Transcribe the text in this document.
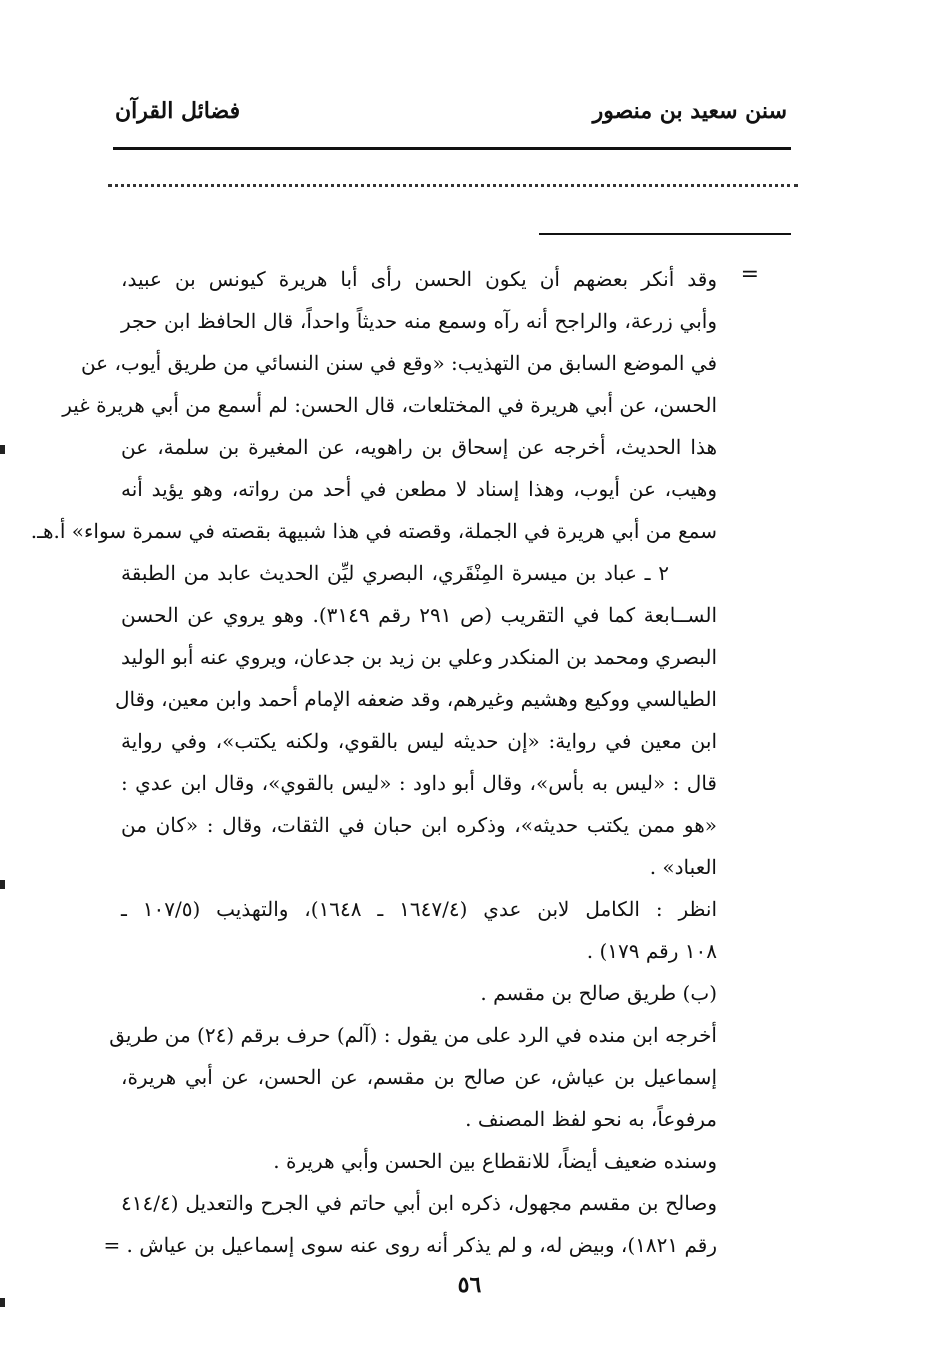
سنن سعيد بن منصور
فضائل القرآن
=
وقد أنكر بعضهم أن يكون الحسن رأى أبا هريرة كيونس بن عبيد،
وأبي زرعة، والراجح أنه رآه وسمع منه حديثاً واحداً، قال الحافظ ابن حجر
في الموضع السابق من التهذيب: «وقع في سنن النسائي من طريق أيوب، عن
الحسن، عن أبي هريرة في المختلعات، قال الحسن: لم أسمع من أبي هريرة غير
هذا الحديث، أخرجه عن إسحاق بن راهويه، عن المغيرة بن سلمة، عن
وهيب، عن أيوب، وهذا إسناد لا مطعن في أحد من رواته، وهو يؤيد أنه
سمع من أبي هريرة في الجملة، وقصته في هذا شبيهة بقصته في سمرة سواء» أ.هـ.
٢ ـ عباد بن ميسرة المِنْقَري، البصري ليِّن الحديث عابد من الطبقة
الســابعة كما في التقريب (ص ٢٩١ رقم ٣١٤٩). وهو يروي عن الحسن
البصري ومحمد بن المنكدر وعلي بن زيد بن جدعان، ويروي عنه أبو الوليد
الطيالسي ووكيع وهشيم وغيرهم، وقد ضعفه الإمام أحمد وابن معين، وقال
ابن معين في رواية: «إن حديثه ليس بالقوي، ولكنه يكتب»، وفي رواية
قال : «ليس به بأس»، وقال أبو داود : «ليس بالقوي»، وقال ابن عدي :
«هو ممن يكتب حديثه»، وذكره ابن حبان في الثقات، وقال : «كان من
العباد» .
انظر : الكامل لابن عدي (١٦٤٧/٤ ـ ١٦٤٨)، والتهذيب (١٠٧/٥ ـ
١٠٨ رقم ١٧٩) .
(ب) طريق صالح بن مقسم .
أخرجه ابن منده في الرد على من يقول : (آلم) حرف برقم (٢٤) من طريق
إسماعيل بن عياش، عن صالح بن مقسم، عن الحسن، عن أبي هريرة،
مرفوعاً، به نحو لفظ المصنف .
وسنده ضعيف أيضاً، للانقطاع بين الحسن وأبي هريرة .
وصالح بن مقسم مجهول، ذكره ابن أبي حاتم في الجرح والتعديل (٤١٤/٤
رقم ١٨٢١)، وبيض له، و لم يذكر أنه روى عنه سوى إسماعيل بن عياش . =
٥٦
